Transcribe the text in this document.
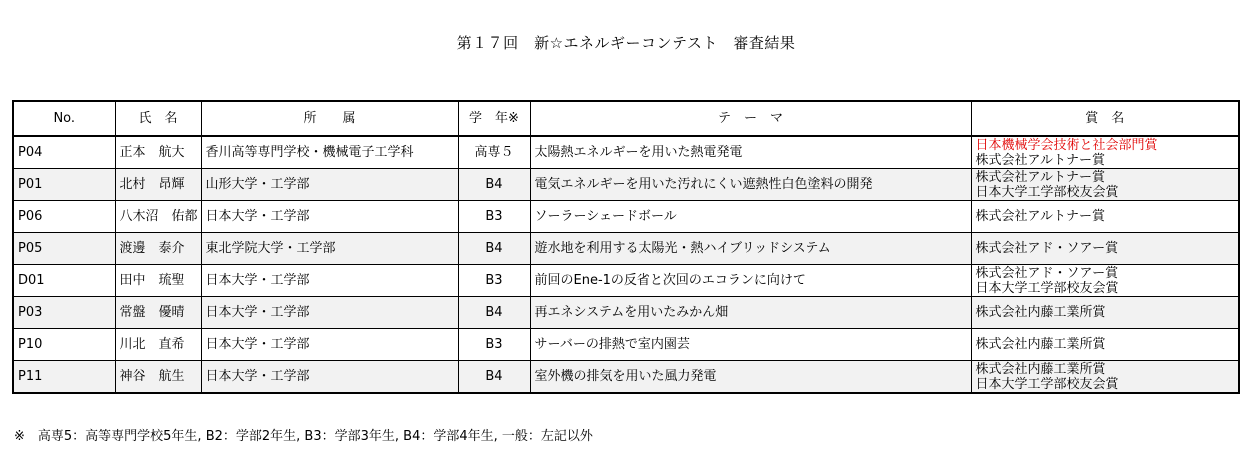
第１７回　新☆エネルギーコンテスト　審査結果
No.	氏　名	所　　属	学　年※	テ　ー　マ	賞　名
P04	正本　航大	香川高等専門学校・機械電子工学科	高専５	太陽熱エネルギーを用いた熱電発電	日本機械学会技術と社会部門賞
株式会社アルトナー賞

P01	北村　昂輝	山形大学・工学部	B4	電気エネルギーを用いた汚れにくい遮熱性白色塗料の開発	株式会社アルトナー賞
日本大学工学部校友会賞

P06	八木沼　佑都	日本大学・工学部	B3	ソーラーシェードボール	株式会社アルトナー賞

P05	渡邊　泰介	東北学院大学・工学部	B4	遊水地を利用する太陽光・熱ハイブリッドシステム	株式会社アド・ソアー賞

D01	田中　琉聖	日本大学・工学部	B3	前回のEne-1の反省と次回のエコランに向けて	株式会社アド・ソアー賞
日本大学工学部校友会賞

P03	常盤　優晴	日本大学・工学部	B4	再エネシステムを用いたみかん畑	株式会社内藤工業所賞

P10	川北　直希	日本大学・工学部	B3	サーバーの排熱で室内園芸	株式会社内藤工業所賞

P11	神谷　航生	日本大学・工学部	B4	室外機の排気を用いた風力発電	株式会社内藤工業所賞
日本大学工学部校友会賞
※　高専5：高等専門学校5年生, B2：学部2年生, B3：学部3年生, B4：学部4年生, 一般：左記以外
